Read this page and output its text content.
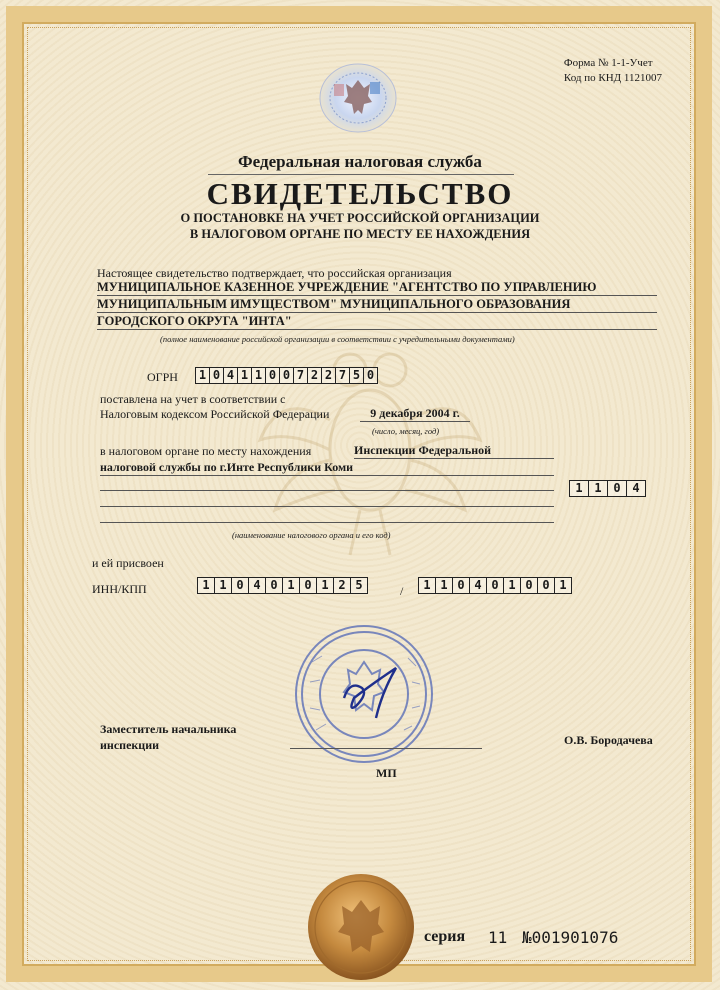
Форма № 1-1-Учет
Код по КНД 1121007
Федеральная налоговая служба
СВИДЕТЕЛЬСТВО
О ПОСТАНОВКЕ НА УЧЕТ РОССИЙСКОЙ ОРГАНИЗАЦИИ
В НАЛОГОВОМ ОРГАНЕ ПО МЕСТУ ЕЕ НАХОЖДЕНИЯ
Настоящее свидетельство подтверждает, что российская организация
МУНИЦИПАЛЬНОЕ КАЗЕННОЕ УЧРЕЖДЕНИЕ "АГЕНТСТВО ПО УПРАВЛЕНИЮ
МУНИЦИПАЛЬНЫМ ИМУЩЕСТВОМ" МУНИЦИПАЛЬНОГО ОБРАЗОВАНИЯ
ГОРОДСКОГО ОКРУГА "ИНТА"
(полное наименование российской организации в соответствии с учредительными документами)
ОГРН 1 0 4 1 1 0 0 7 2 2 7 5 0
поставлена на учет в соответствии с
Налоговым кодексом Российской Федерации	9 декабря 2004 г.
(число, месяц, год)
в налоговом органе по месту нахождения	Инспекции Федеральной
налоговой службы по г.Инте Республики Коми
1 1 0 4
(наименование налогового органа и его код)
и ей присвоен
ИНН/КПП	1 1 0 4 0 1 0 1 2 5	/	1 1 0 4 0 1 0 0 1
Заместитель начальника
инспекции	О.В. Бородачева
МП
серия 11 №001901076
